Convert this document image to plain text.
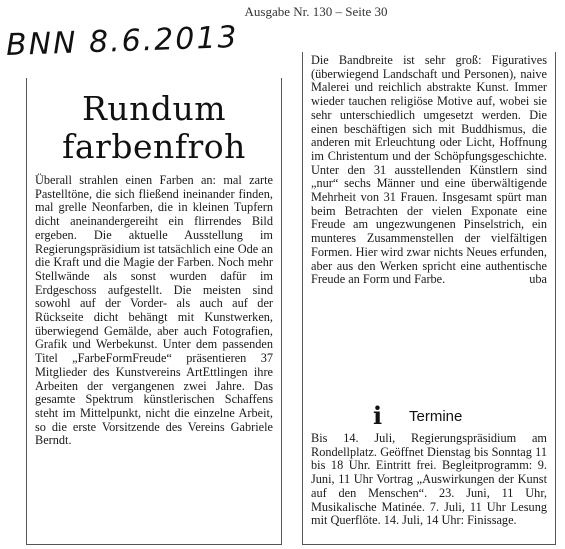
Ausgabe Nr. 130 – Seite 30
BNN 8.6.2013
Rundum
farbenfroh
Überall strahlen einen Farben an: mal zarte Pastelltöne, die sich fließend ineinander finden, mal grelle Neonfarben, die in kleinen Tupfern dicht aneinandergereiht ein flirrendes Bild ergeben. Die aktuelle Ausstellung im Regierungspräsidium ist tatsächlich eine Ode an die Kraft und die Magie der Farben. Noch mehr Stellwände als sonst wurden dafür im Erdgeschoss aufgestellt. Die meisten sind sowohl auf der Vorder- als auch auf der Rückseite dicht behängt mit Kunstwerken, überwiegend Gemälde, aber auch Fotografien, Grafik und Werbekunst. Unter dem passenden Titel „FarbeFormFreude“ präsentieren 37 Mitglieder des Kunstvereins ArtEttlingen ihre Arbeiten der vergangenen zwei Jahre. Das gesamte Spektrum künstlerischen Schaffens steht im Mittelpunkt, nicht die einzelne Arbeit, so die erste Vorsitzende des Vereins Gabriele Berndt.
Die Bandbreite ist sehr groß: Figuratives (überwiegend Landschaft und Personen), naive Malerei und reichlich abstrakte Kunst. Immer wieder tauchen religiöse Motive auf, wobei sie sehr unterschiedlich umgesetzt werden. Die einen beschäftigen sich mit Buddhismus, die anderen mit Erleuchtung oder Licht, Hoffnung im Christentum und der Schöpfungsgeschichte. Unter den 31 ausstellenden Künstlern sind „nur“ sechs Männer und eine überwältigende Mehrheit von 31 Frauen. Insgesamt spürt man beim Betrachten der vielen Exponate eine Freude am ungezwungenen Pinselstrich, ein munteres Zusammenstellen der vielfältigen Formen. Hier wird zwar nichts Neues erfunden, aber aus den Werken spricht eine authentische Freude an Form und Farbe.	uba
i Termine
Bis 14. Juli, Regierungspräsidium am Rondellplatz. Geöffnet Dienstag bis Sonntag 11 bis 18 Uhr. Eintritt frei. Begleitprogramm: 9. Juni, 11 Uhr Vortrag „Auswirkungen der Kunst auf den Menschen“. 23. Juni, 11 Uhr, Musikalische Matinée. 7. Juli, 11 Uhr Lesung mit Querflöte. 14. Juli, 14 Uhr: Finissage.
